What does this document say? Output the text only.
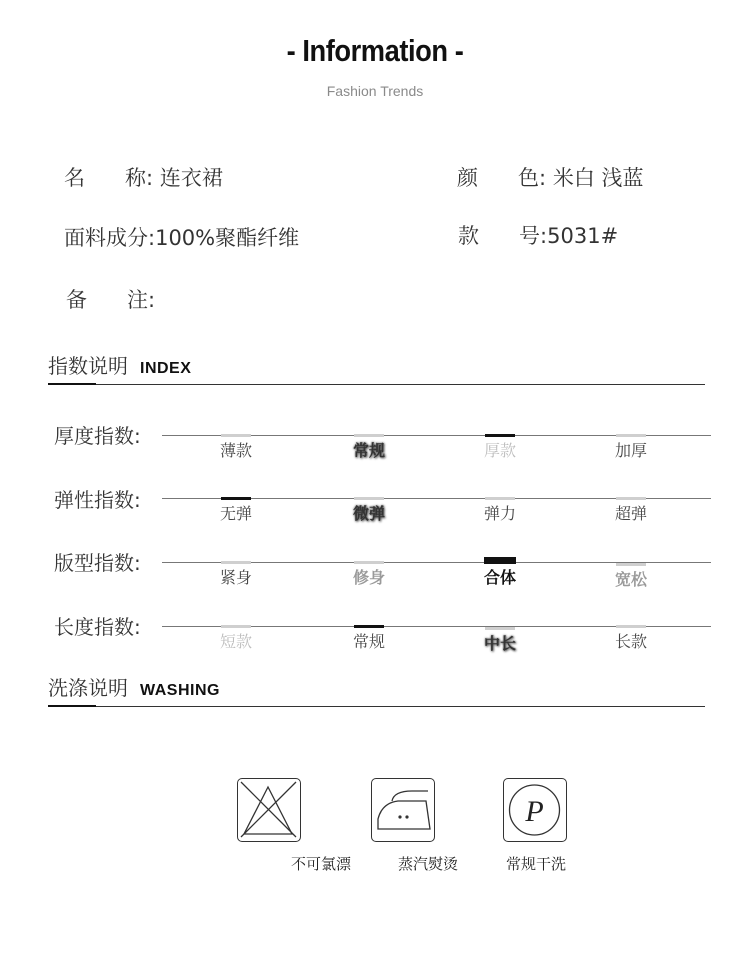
- Information -
Fashion Trends
名      称: 连衣裙	颜      色: 米白 浅蓝
面料成分:100%聚酯纤维	款      号:5031#
备      注:
指数说明 INDEX
厚度指数:
薄款	常规	厚款	加厚
弹性指数:
无弹	微弹	弹力	超弹
版型指数:
紧身	修身	合体	宽松
长度指数:
短款	常规	中长	长款
洗涤说明 WASHING
P
不可氯漂	蒸汽熨烫	常规干洗
